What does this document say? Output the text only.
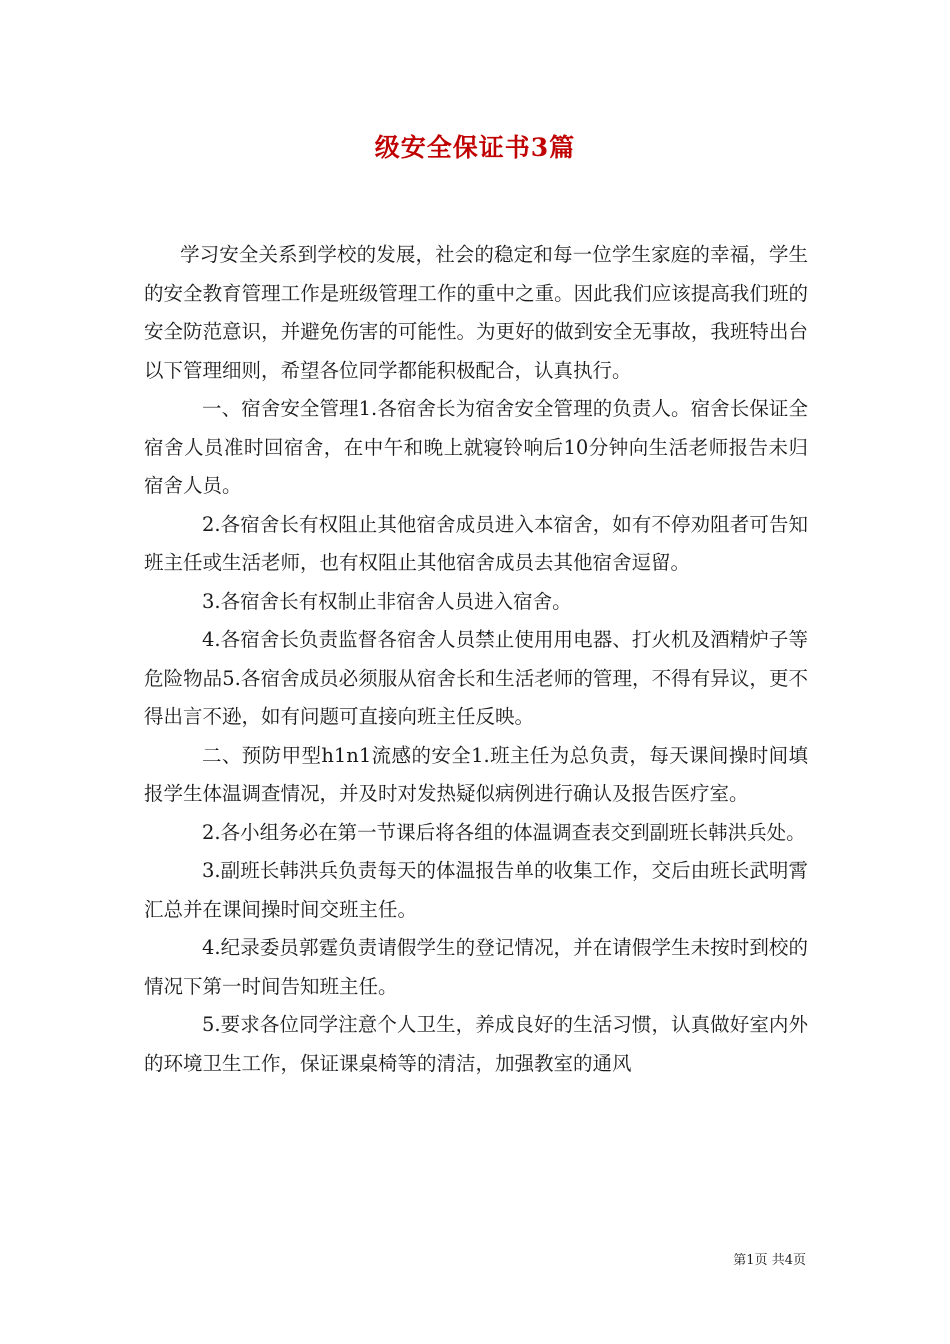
级安全保证书3篇

学习安全关系到学校的发展，社会的稳定和每一位学生家庭的幸福，学生的安全教育管理工作是班级管理工作的重中之重。因此我们应该提高我们班的安全防范意识，并避免伤害的可能性。为更好的做到安全无事故，我班特出台以下管理细则，希望各位同学都能积极配合，认真执行。

一、宿舍安全管理1.各宿舍长为宿舍安全管理的负责人。宿舍长保证全宿舍人员准时回宿舍，在中午和晚上就寝铃响后10分钟向生活老师报告未归宿舍人员。

2.各宿舍长有权阻止其他宿舍成员进入本宿舍，如有不停劝阻者可告知班主任或生活老师，也有权阻止其他宿舍成员去其他宿舍逗留。

3.各宿舍长有权制止非宿舍人员进入宿舍。

4.各宿舍长负责监督各宿舍人员禁止使用用电器、打火机及酒精炉子等危险物品5.各宿舍成员必须服从宿舍长和生活老师的管理，不得有异议，更不得出言不逊，如有问题可直接向班主任反映。

二、预防甲型h1n1流感的安全1.班主任为总负责，每天课间操时间填报学生体温调查情况，并及时对发热疑似病例进行确认及报告医疗室。

2.各小组务必在第一节课后将各组的体温调查表交到副班长韩洪兵处。

3.副班长韩洪兵负责每天的体温报告单的收集工作，交后由班长武明霄汇总并在课间操时间交班主任。

4.纪录委员郭霆负责请假学生的登记情况，并在请假学生未按时到校的情况下第一时间告知班主任。

5.要求各位同学注意个人卫生，养成良好的生活习惯，认真做好室内外的环境卫生工作，保证课桌椅等的清洁，加强教室的通风

第1页 共4页
